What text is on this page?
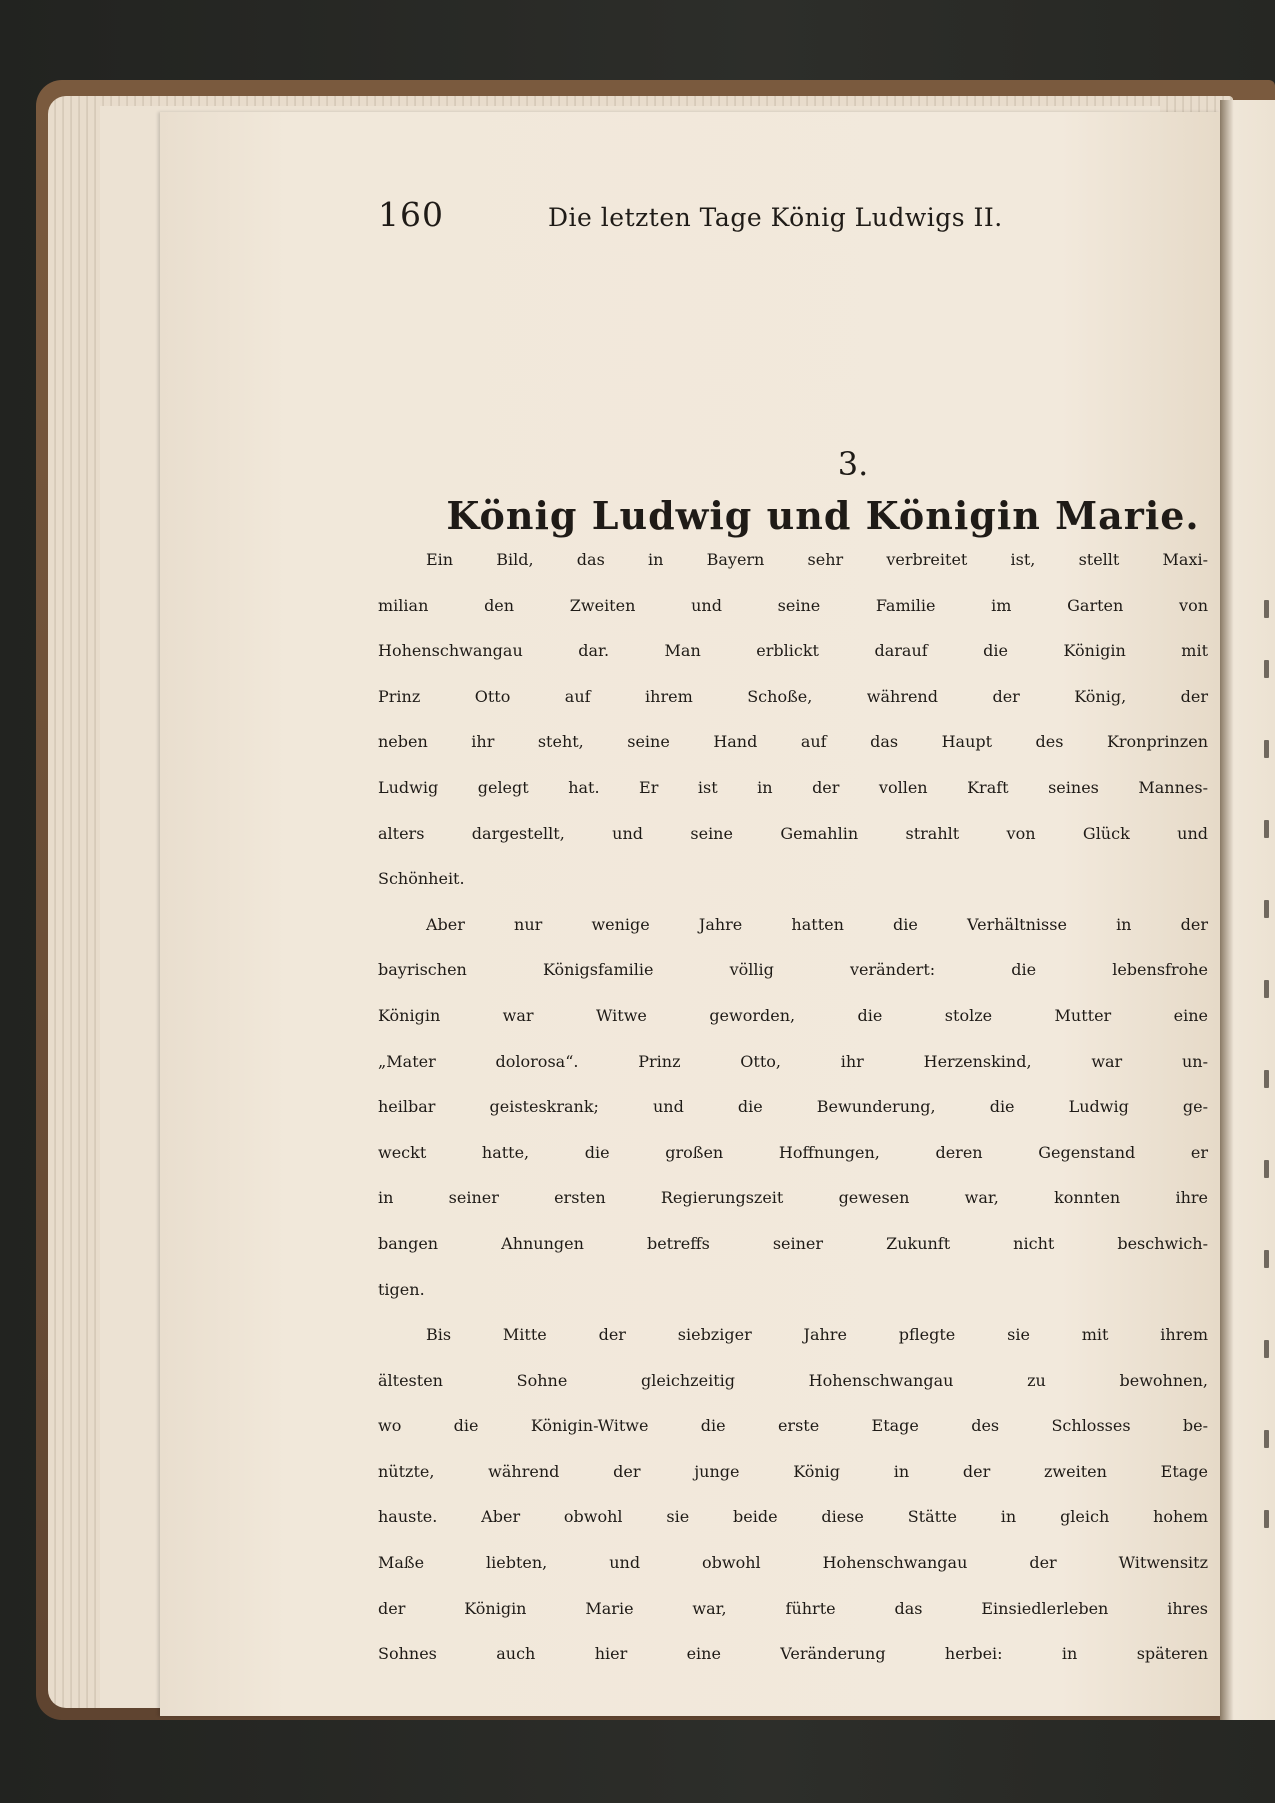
160	Die letzten Tage König Ludwigs II.
3.
König Ludwig und Königin Marie.
Ein Bild, das in Bayern sehr verbreitet ist, stellt Maxi-
milian den Zweiten und seine Familie im Garten von
Hohenschwangau dar. Man erblickt darauf die Königin mit
Prinz Otto auf ihrem Schoße, während der König, der
neben ihr steht, seine Hand auf das Haupt des Kronprinzen
Ludwig gelegt hat. Er ist in der vollen Kraft seines Mannes-
alters dargestellt, und seine Gemahlin strahlt von Glück und
Schönheit.
Aber nur wenige Jahre hatten die Verhältnisse in der
bayrischen Königsfamilie völlig verändert: die lebensfrohe
Königin war Witwe geworden, die stolze Mutter eine
„Mater dolorosa“. Prinz Otto, ihr Herzenskind, war un-
heilbar geisteskrank; und die Bewunderung, die Ludwig ge-
weckt hatte, die großen Hoffnungen, deren Gegenstand er
in seiner ersten Regierungszeit gewesen war, konnten ihre
bangen Ahnungen betreffs seiner Zukunft nicht beschwich-
tigen.
Bis Mitte der siebziger Jahre pflegte sie mit ihrem
ältesten Sohne gleichzeitig Hohenschwangau zu bewohnen,
wo die Königin-Witwe die erste Etage des Schlosses be-
nützte, während der junge König in der zweiten Etage
hauste. Aber obwohl sie beide diese Stätte in gleich hohem
Maße liebten, und obwohl Hohenschwangau der Witwensitz
der Königin Marie war, führte das Einsiedlerleben ihres
Sohnes auch hier eine Veränderung herbei: in späteren
